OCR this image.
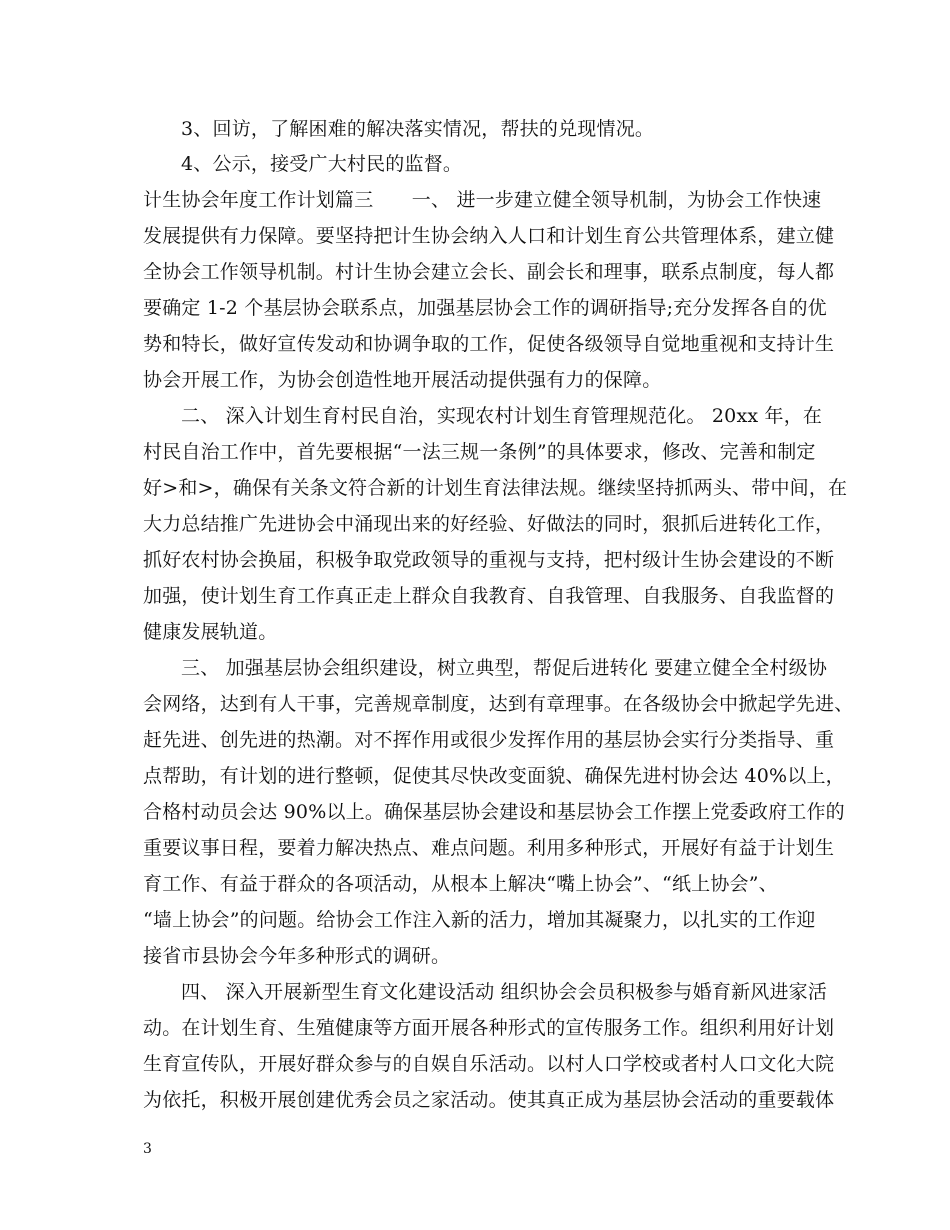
3、回访，了解困难的解决落实情况，帮扶的兑现情况。
4、公示，接受广大村民的监督。
计生协会年度工作计划篇三　　一、 进一步建立健全领导机制，为协会工作快速
发展提供有力保障。要坚持把计生协会纳入人口和计划生育公共管理体系，建立健
全协会工作领导机制。村计生协会建立会长、副会长和理事，联系点制度，每人都
要确定 1-2 个基层协会联系点，加强基层协会工作的调研指导;充分发挥各自的优
势和特长，做好宣传发动和协调争取的工作，促使各级领导自觉地重视和支持计生
协会开展工作，为协会创造性地开展活动提供强有力的保障。
二、 深入计划生育村民自治，实现农村计划生育管理规范化。 20xx 年，在
村民自治工作中，首先要根据“一法三规一条例”的具体要求，修改、完善和制定
好>和>，确保有关条文符合新的计划生育法律法规。继续坚持抓两头、带中间，在
大力总结推广先进协会中涌现出来的好经验、好做法的同时，狠抓后进转化工作，
抓好农村协会换届，积极争取党政领导的重视与支持，把村级计生协会建设的不断
加强，使计划生育工作真正走上群众自我教育、自我管理、自我服务、自我监督的
健康发展轨道。
三、 加强基层协会组织建设，树立典型，帮促后进转化 要建立健全全村级协
会网络，达到有人干事，完善规章制度，达到有章理事。在各级协会中掀起学先进、
赶先进、创先进的热潮。对不挥作用或很少发挥作用的基层协会实行分类指导、重
点帮助，有计划的进行整顿，促使其尽快改变面貌、确保先进村协会达 40%以上，
合格村动员会达 90%以上。确保基层协会建设和基层协会工作摆上党委政府工作的
重要议事日程，要着力解决热点、难点问题。利用多种形式，开展好有益于计划生
育工作、有益于群众的各项活动，从根本上解决“嘴上协会”、“纸上协会”、
“墙上协会”的问题。给协会工作注入新的活力，增加其凝聚力，以扎实的工作迎
接省市县协会今年多种形式的调研。
四、 深入开展新型生育文化建设活动 组织协会会员积极参与婚育新风进家活
动。在计划生育、生殖健康等方面开展各种形式的宣传服务工作。组织利用好计划
生育宣传队，开展好群众参与的自娱自乐活动。以村人口学校或者村人口文化大院
为依托，积极开展创建优秀会员之家活动。使其真正成为基层协会活动的重要载体
3
